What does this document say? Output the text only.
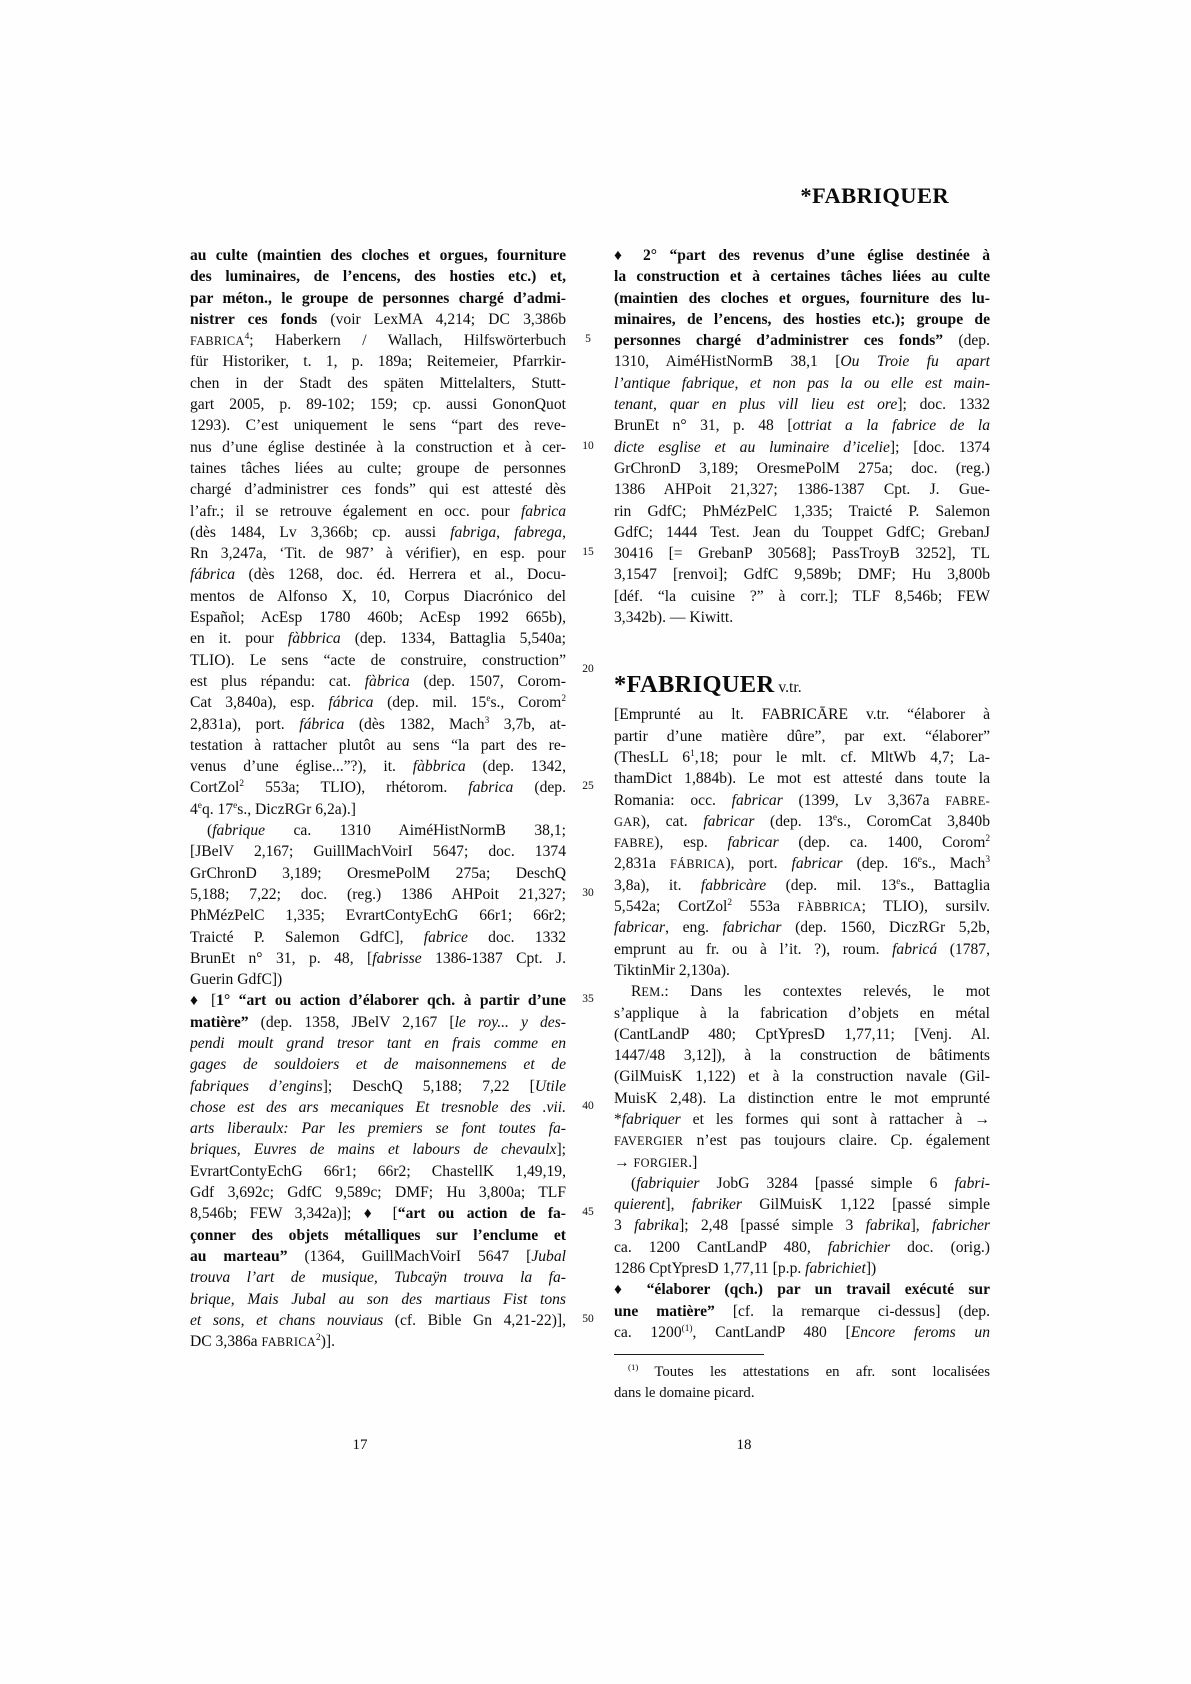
*FABRIQUER
5
10
15
20
25
30
35
40
45
50
au culte (maintien des cloches et orgues, fourniture
des luminaires, de l’encens, des hosties etc.) et,
par méton., le groupe de personnes chargé d’admi-
nistrer ces fonds (voir LexMA 4,214; DC 3,386b
FABRICA$^4$; Haberkern / Wallach, Hilfswörterbuch
für Historiker, t. 1, p. 189a; Reitemeier, Pfarrkir-
chen in der Stadt des späten Mittelalters, Stutt-
gart 2005, p. 89-102; 159; cp. aussi GononQuot
1293). C’est uniquement le sens “part des reve-
nus d’une église destinée à la construction et à cer-
taines tâches liées au culte; groupe de personnes
chargé d’administrer ces fonds” qui est attesté dès
l’afr.; il se retrouve également en occ. pour fabrica
(dès 1484, Lv 3,366b; cp. aussi fabriga, fabrega,
Rn 3,247a, ‘Tit. de 987’ à vérifier), en esp. pour
fábrica (dès 1268, doc. éd. Herrera et al., Docu-
mentos de Alfonso X, 10, Corpus Diacrónico del
Español; AcEsp 1780 460b; AcEsp 1992 665b),
en it. pour fàbbrica (dep. 1334, Battaglia 5,540a;
TLIO). Le sens “acte de construire, construction”
est plus répandu: cat. fàbrica (dep. 1507, Corom-
Cat 3,840a), esp. fábrica (dep. mil. 15es., Corom$^2$
2,831a), port. fábrica (dès 1382, Mach$^3$ 3,7b, at-
testation à rattacher plutôt au sens “la part des re-
venus d’une église...”?), it. fàbbrica (dep. 1342,
CortZol$^2$ 553a; TLIO), rhétorom. fabrica (dep.
4eq. 17es., DiczRGr 6,2a).]
(fabrique ca. 1310 AiméHistNormB 38,1;
[JBelV 2,167; GuillMachVoirI 5647; doc. 1374
GrChronD 3,189; OresmePolM 275a; DeschQ
5,188; 7,22; doc. (reg.) 1386 AHPoit 21,327;
PhMézPelC 1,335; EvrartContyEchG 66r1; 66r2;
Traicté P. Salemon GdfC], fabrice doc. 1332
BrunEt n° 31, p. 48, [fabrisse 1386-1387 Cpt. J.
Guerin GdfC])
♦ [1° “art ou action d’élaborer qch. à partir d’une
matière” (dep. 1358, JBelV 2,167 [le roy... y des-
pendi moult grand tresor tant en frais comme en
gages de souldoiers et de maisonnemens et de
fabriques d’engins]; DeschQ 5,188; 7,22 [Utile
chose est des ars mecaniques Et tresnoble des .vii.
arts liberaulx: Par les premiers se font toutes fa-
briques, Euvres de mains et labours de chevaulx];
EvrartContyEchG 66r1; 66r2; ChastellK 1,49,19,
Gdf 3,692c; GdfC 9,589c; DMF; Hu 3,800a; TLF
8,546b; FEW 3,342a)]; ♦ [“art ou action de fa-
çonner des objets métalliques sur l’enclume et
au marteau” (1364, GuillMachVoirI 5647 [Jubal
trouva l’art de musique, Tubcaÿn trouva la fa-
brique, Mais Jubal au son des martiaus Fist tons
et sons, et chans nouviaus (cf. Bible Gn 4,21-22)],
DC 3,386a FABRICA$^2$)].
♦ 2° “part des revenus d’une église destinée à
la construction et à certaines tâches liées au culte
(maintien des cloches et orgues, fourniture des lu-
minaires, de l’encens, des hosties etc.); groupe de
personnes chargé d’administrer ces fonds” (dep.
1310, AiméHistNormB 38,1 [Ou Troie fu apart
l’antique fabrique, et non pas la ou elle est main-
tenant, quar en plus vill lieu est ore]; doc. 1332
BrunEt n° 31, p. 48 [ottriat a la fabrice de la
dicte esglise et au luminaire d’icelie]; [doc. 1374
GrChronD 3,189; OresmePolM 275a; doc. (reg.)
1386 AHPoit 21,327; 1386-1387 Cpt. J. Gue-
rin GdfC; PhMézPelC 1,335; Traicté P. Salemon
GdfC; 1444 Test. Jean du Touppet GdfC; GrebanJ
30416 [= GrebanP 30568]; PassTroyB 3252], TL
3,1547 [renvoi]; GdfC 9,589b; DMF; Hu 3,800b
[déf. “la cuisine ?” à corr.]; TLF 8,546b; FEW
3,342b). — Kiwitt.
*FABRIQUER v.tr.
[Emprunté au lt. FABRICĀRE v.tr. “élaborer à
partir d’une matière dûre”, par ext. “élaborer”
(ThesLL $6^1,18$; pour le mlt. cf. MltWb 4,7; La-
thamDict 1,884b). Le mot est attesté dans toute la
Romania: occ. fabricar (1399, Lv 3,367a FABRE-
GAR), cat. fabricar (dep. 13es., CoromCat 3,840b
FABRE), esp. fabricar (dep. ca. 1400, Corom$^2$
2,831a FÁBRICA), port. fabricar (dep. 16es., Mach$^3$
3,8a), it. fabbricàre (dep. mil. 13es., Battaglia
5,542a; CortZol$^2$ 553a FÀBBRICA; TLIO), sursilv.
fabricar, eng. fabrichar (dep. 1560, DiczRGr 5,2b,
emprunt au fr. ou à l’it. ?), roum. fabricá (1787,
TiktinMir 2,130a).
REM.: Dans les contextes relevés, le mot
s’applique à la fabrication d’objets en métal
(CantLandP 480; CptYpresD 1,77,11; [Venj. Al.
1447/48 3,12]), à la construction de bâtiments
(GilMuisK 1,122) et à la construction navale (Gil-
MuisK 2,48). La distinction entre le mot emprunté
*fabriquer et les formes qui sont à rattacher à →
FAVERGIER n’est pas toujours claire. Cp. également
→ FORGIER.]
(fabriquier JobG 3284 [passé simple 6 fabri-
quierent], fabriker GilMuisK 1,122 [passé simple
3 fabrika]; 2,48 [passé simple 3 fabrika], fabricher
ca. 1200 CantLandP 480, fabrichier doc. (orig.)
1286 CptYpresD 1,77,11 [p.p. fabrichiet])
♦ “élaborer (qch.) par un travail exécuté sur
une matière” [cf. la remarque ci-dessus] (dep.
ca. 1200$^{(1)}$, CantLandP 480 [Encore feroms un
$^{(1)}$ Toutes les attestations en afr. sont localisées
dans le domaine picard.
17	18
